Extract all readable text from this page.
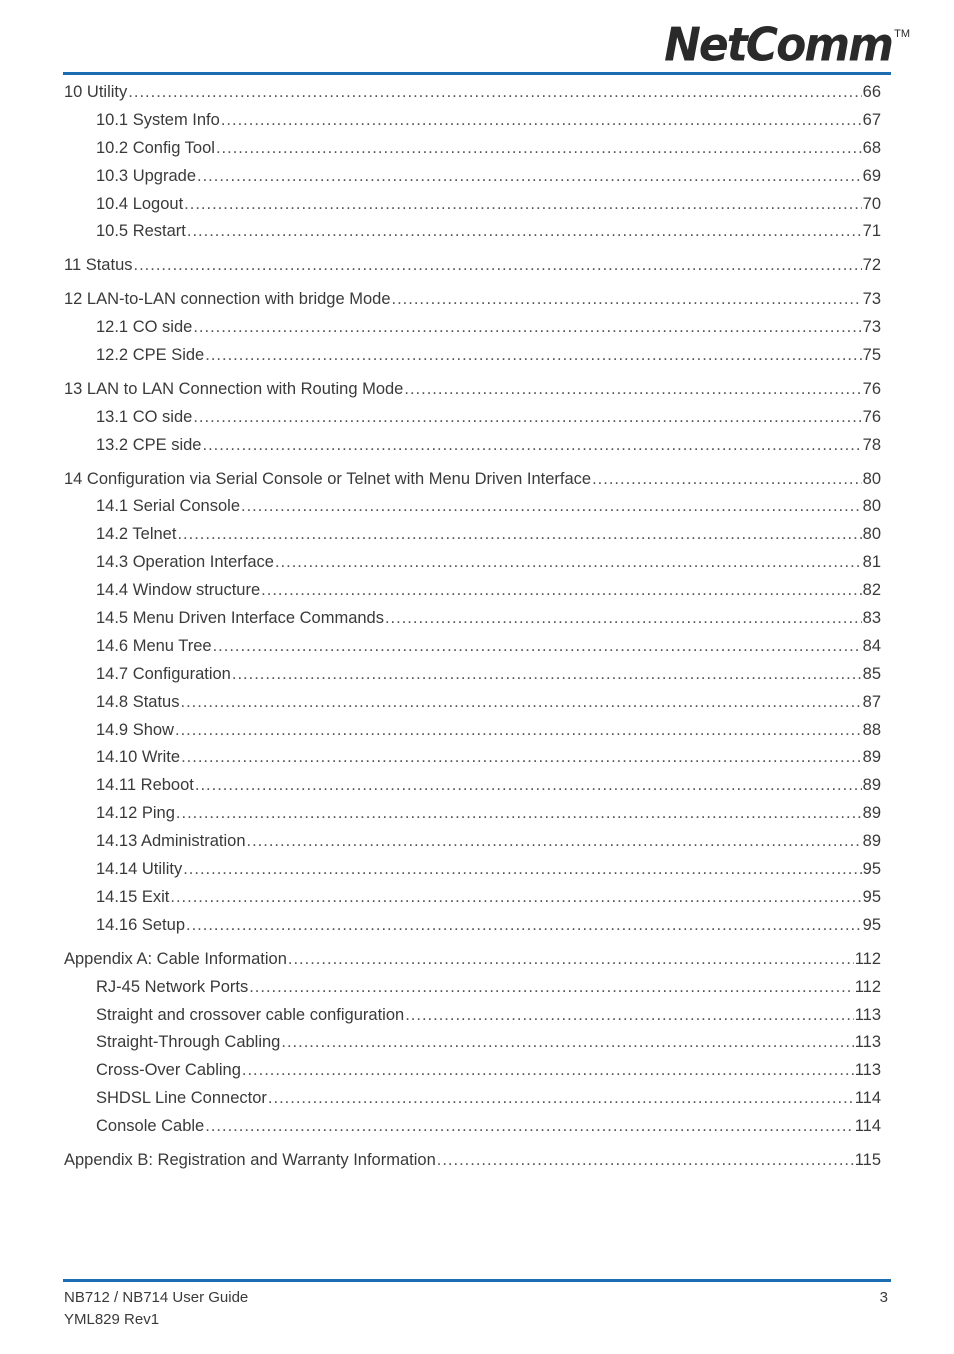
NetComm TM
10 Utility .....	66
10.1 System Info .....	67
10.2 Config Tool .....	68
10.3 Upgrade .....	69
10.4 Logout .....	70
10.5 Restart .....	71
11 Status .....	72
12 LAN-to-LAN connection with bridge Mode .....	73
12.1 CO side .....	73
12.2 CPE Side .....	75
13 LAN to LAN Connection with Routing Mode .....	76
13.1 CO side .....	76
13.2 CPE side .....	78
14 Configuration via Serial Console or Telnet with Menu Driven Interface .....	80
14.1 Serial Console .....	80
14.2 Telnet .....	80
14.3 Operation Interface .....	81
14.4 Window structure .....	82
14.5 Menu Driven Interface Commands .....	83
14.6 Menu Tree .....	84
14.7 Configuration .....	85
14.8 Status .....	87
14.9 Show .....	88
14.10 Write .....	89
14.11 Reboot .....	89
14.12 Ping .....	89
14.13 Administration .....	89
14.14 Utility .....	95
14.15 Exit .....	95
14.16 Setup .....	95
Appendix A: Cable Information .....	112
RJ-45 Network Ports .....	112
Straight and crossover cable configuration .....	113
Straight-Through Cabling .....	113
Cross-Over Cabling .....	113
SHDSL Line Connector .....	114
Console Cable .....	114
Appendix B: Registration and Warranty Information .....	115
NB712 / NB714 User Guide
YML829 Rev1
3
